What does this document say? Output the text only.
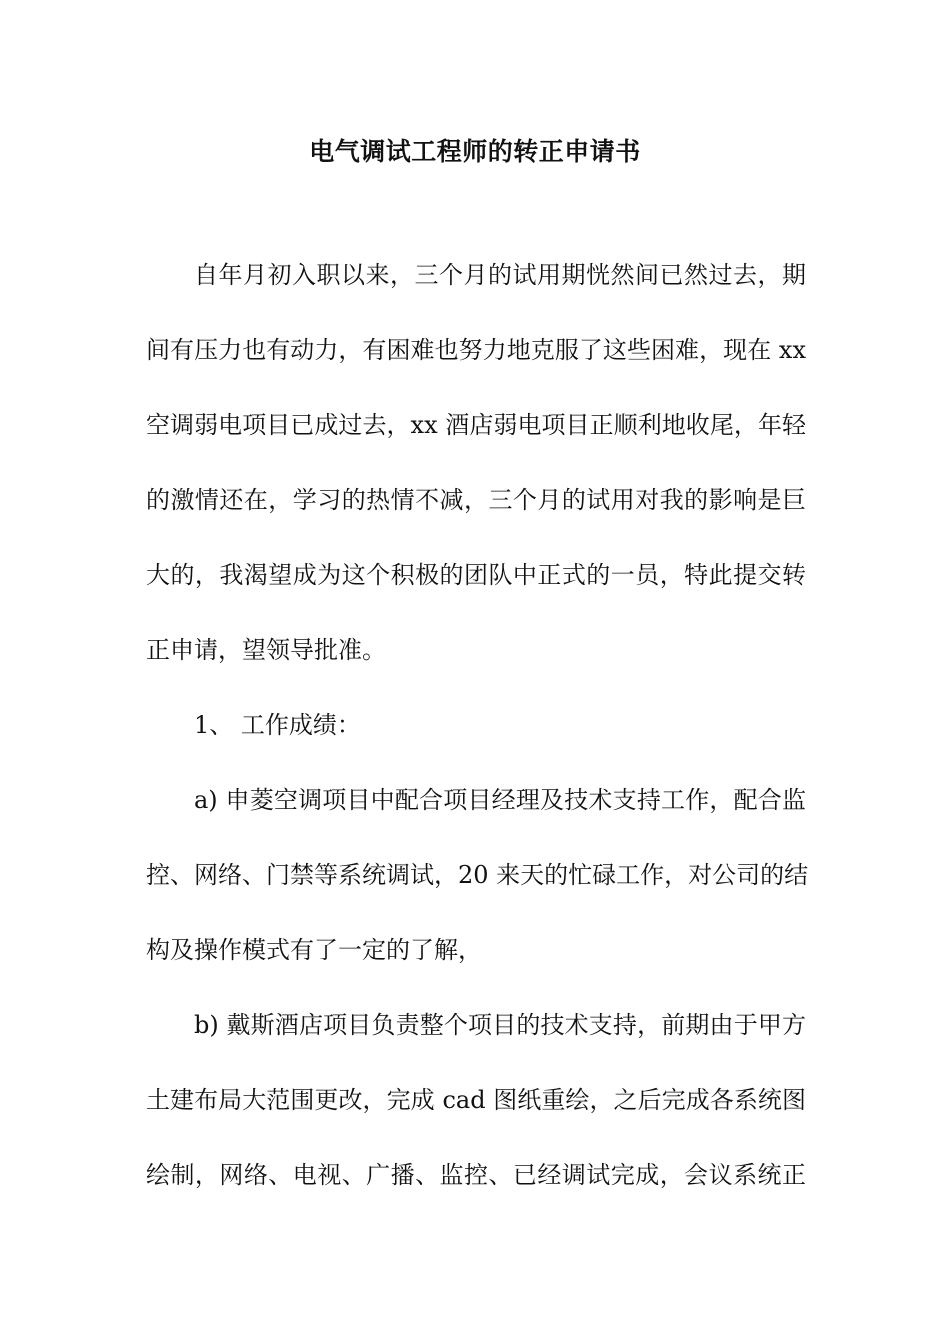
电气调试工程师的转正申请书
自年月初入职以来，三个月的试用期恍然间已然过去，期
间有压力也有动力，有困难也努力地克服了这些困难，现在 xx
空调弱电项目已成过去，xx 酒店弱电项目正顺利地收尾，年轻
的激情还在，学习的热情不减，三个月的试用对我的影响是巨
大的，我渴望成为这个积极的团队中正式的一员，特此提交转
正申请，望领导批准。
1、 工作成绩：
a) 申菱空调项目中配合项目经理及技术支持工作，配合监
控、网络、门禁等系统调试，20 来天的忙碌工作，对公司的结
构及操作模式有了一定的了解，
b) 戴斯酒店项目负责整个项目的技术支持，前期由于甲方
土建布局大范围更改，完成 cad 图纸重绘，之后完成各系统图
绘制，网络、电视、广播、监控、已经调试完成，会议系统正
